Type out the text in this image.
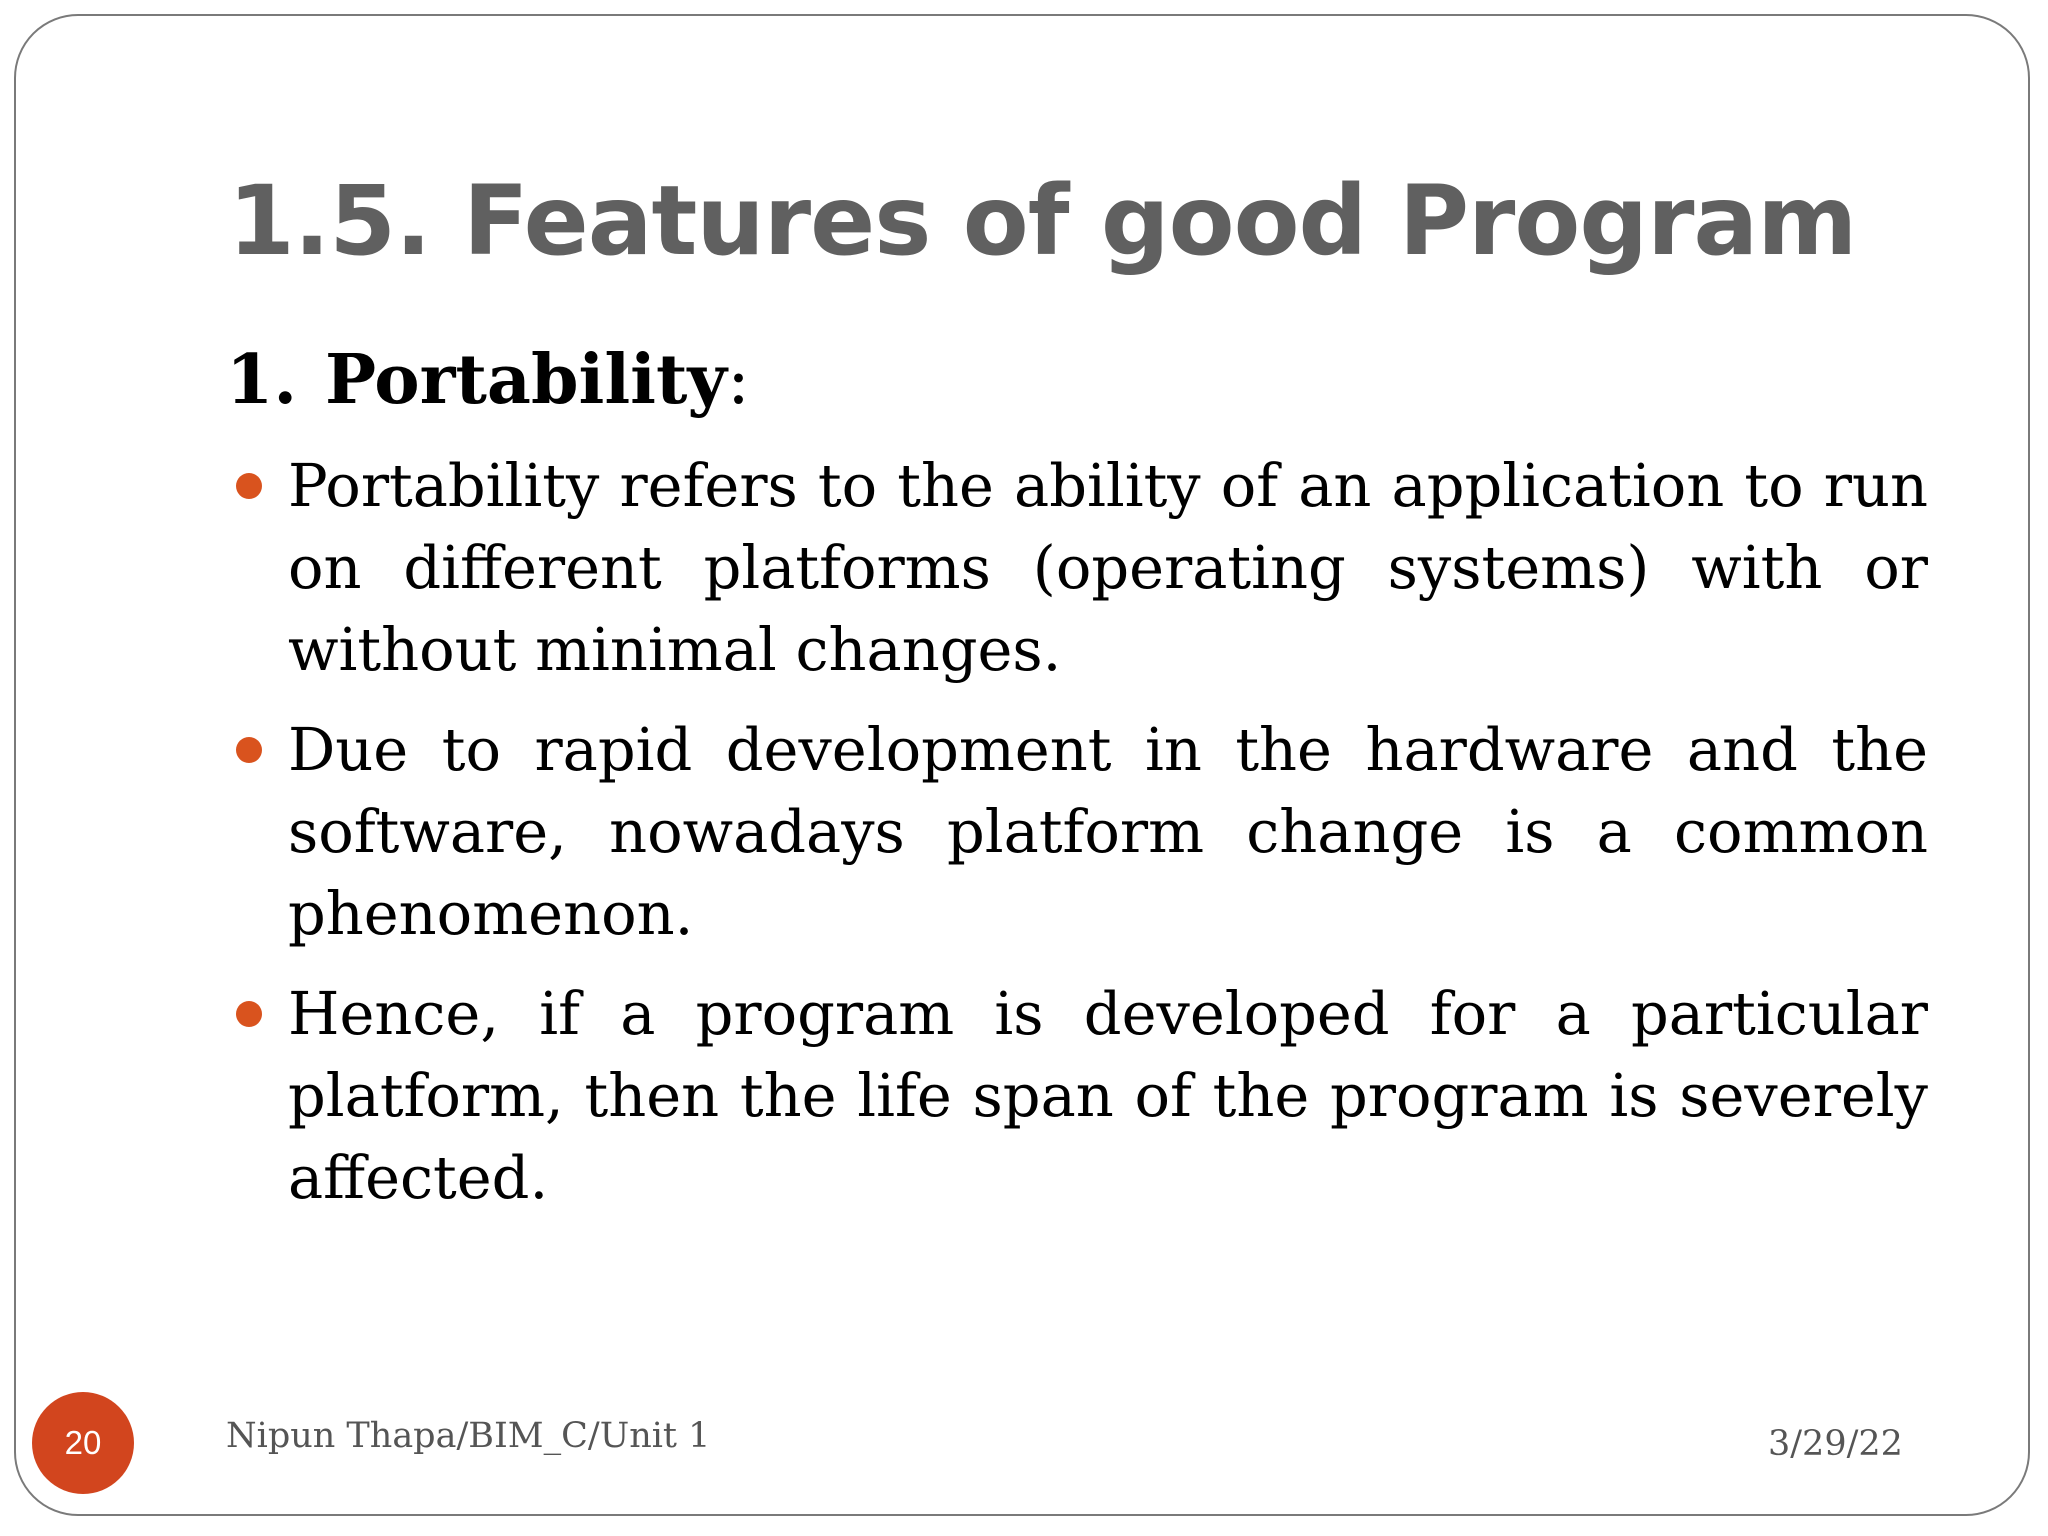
1.5. Features of good Program
1. Portability:
Portability refers to the ability of an application to run on different platforms (operating systems) with or without minimal changes.
Due to rapid development in the hardware and the software, nowadays platform change is a common phenomenon.
Hence, if a program is developed for a particular platform, then the life span of the program is severely affected.
20	Nipun Thapa/BIM_C/Unit 1	3/29/22
